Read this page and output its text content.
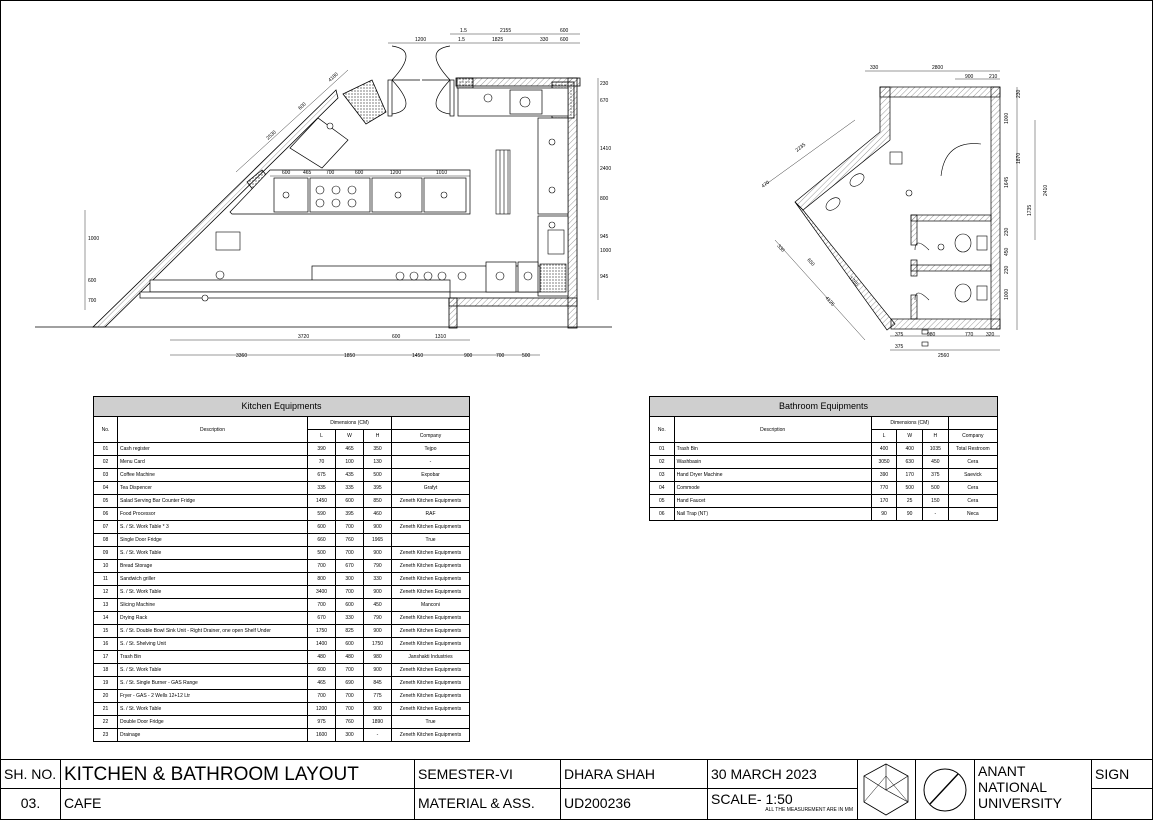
1.5	2155	600
1200	1.5	1825	330 600
600	465	700	600	1200	1010
3720	600	1310
3360	1850	1450	900	700	500
230
670
1410
2400
800
945
1000
945
1000
600
700
4180
2530
600
330	2800
900	210
230
1000
1870
1645
230
450
230
1000
2410
1735
2235
4125
470
650
330
1765
375	980	770	320
375
2560
Kitchen Equipments					
No.	Description	Dimensions (CM)			
		L	W	H	Company
01	Cash register	390	465	350	Tejpo
02	Menu Card	70	100	130	-
03	Coffee Machine	675	435	500	Expobar
04	Tea Dispencer	335	335	395	Grafyt
05	Salad Serving Bar Counter Fridge	1450	600	850	Zeneth Kitchen Equipments
06	Food Processor	590	395	460	RAF
07	S. / St. Work Table * 3	600	700	900	Zeneth Kitchen Equipments
08	Single Door Fridge	660	760	1965	True
09	S. / St. Work Table	500	700	900	Zeneth Kitchen Equipments
10	Bread Storage	700	670	790	Zeneth Kitchen Equipments
11	Sandwich griller	800	300	330	Zeneth Kitchen Equipments
12	S. / St. Work Table	3400	700	900	Zeneth Kitchen Equipments
13	Slicing Machine	700	600	450	Manconi
14	Drying Rack	670	330	790	Zeneth Kitchen Equipments
15	S. / St. Double Bowl Sink Unit - Right Drainer, one open Shelf Under	1750	825	900	Zeneth Kitchen Equipments
16	S. / St. Shelving Unit	1400	600	1750	Zeneth Kitchen Equipments
17	Trash Bin	480	480	980	Janshakti Industries
18	S. / St. Work Table	600	700	900	Zeneth Kitchen Equipments
19	S. / St. Single Burner - GAS Range	465	690	845	Zeneth Kitchen Equipments
20	Fryer - GAS - 2 Wells 12+12 Ltr	700	700	775	Zeneth Kitchen Equipments
21	S. / St. Work Table	1200	700	900	Zeneth Kitchen Equipments
22	Double Door Fridge	975	760	1890	True
23	Drainage	1600	300	-	Zeneth Kitchen Equipments
Bathroom Equipments					
No.	Description	Dimensions (CM)			
		L	W	H	Company
01	Trash Bin	400	400	1035	Total Restroom
02	Washbasin	3050	630	450	Cera
03	Hand Dryer Machine	390	170	375	Saevick
04	Commode	770	500	500	Cera
05	Hand Faucet	170	25	150	Cera
06	Nail Trap (NT)	90	90	-	Neca
SH. NO.
03.
KITCHEN & BATHROOM LAYOUT
CAFE
SEMESTER-VI
MATERIAL & ASS.
DHARA SHAH
UD200236
30 MARCH 2023
SCALE- 1:50
ALL THE MEASUREMENT ARE IN MM
ANANT
NATIONAL
UNIVERSITY
SIGN
